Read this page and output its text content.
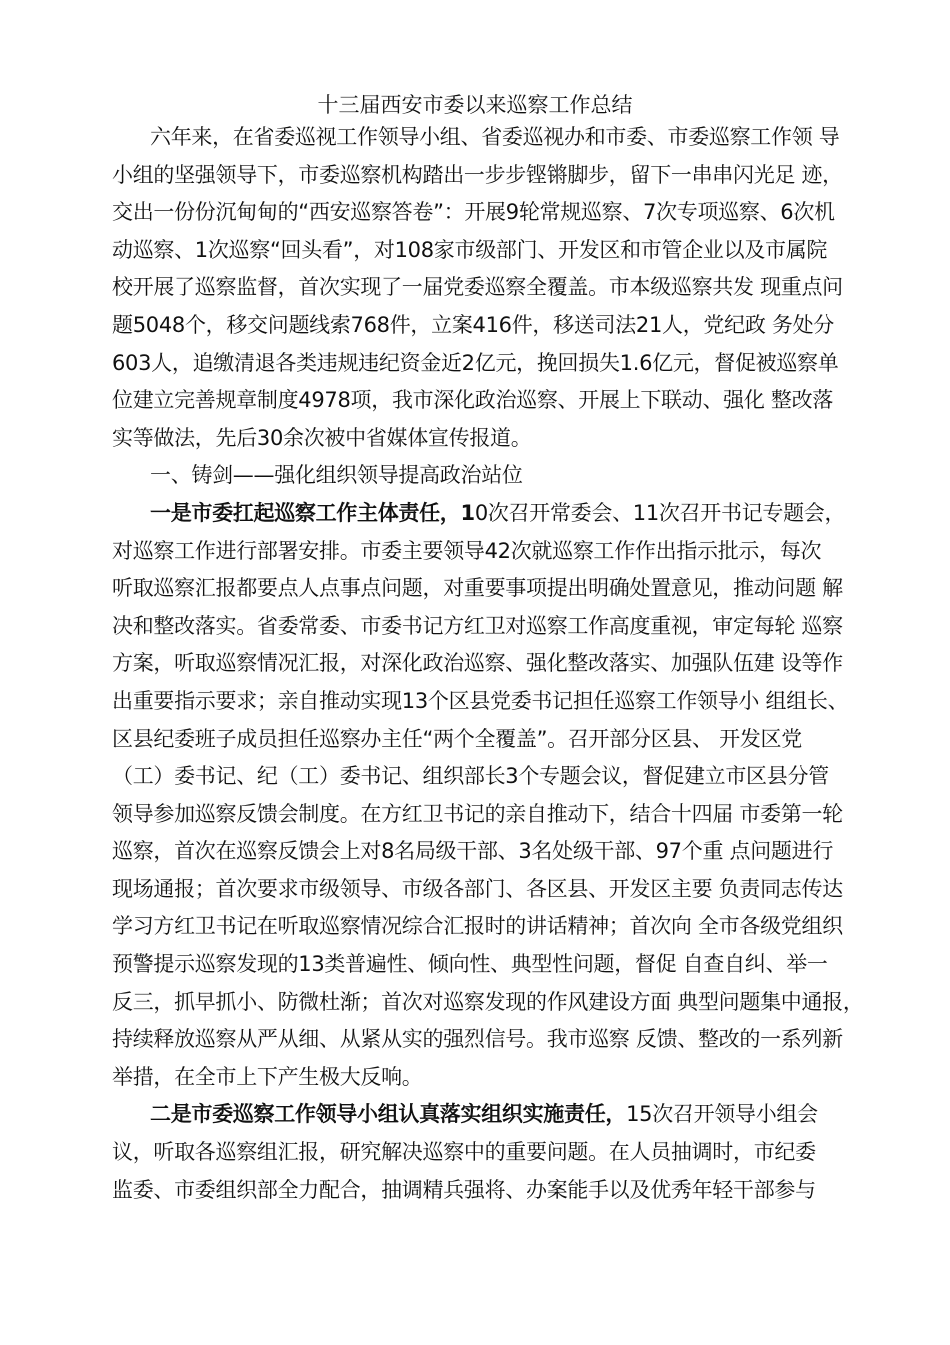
十三届西安市委以来巡察工作总结
六年来，在省委巡视工作领导小组、省委巡视办和市委、市委巡察工作领 导
小组的坚强领导下，市委巡察机构踏出一步步铿锵脚步，留下一串串闪光足 迹，
交出一份份沉甸甸的“西安巡察答卷”：开展9轮常规巡察、7次专项巡察、6次机
动巡察、1次巡察“回头看”，对108家市级部门、开发区和市管企业以及市属院
校开展了巡察监督，首次实现了一届党委巡察全覆盖。市本级巡察共发 现重点问
题5048个，移交问题线索768件，立案416件，移送司法21人，党纪政 务处分
603人，追缴清退各类违规违纪资金近2亿元，挽回损失1.6亿元，督促被巡察单
位建立完善规章制度4978项，我市深化政治巡察、开展上下联动、强化 整改落
实等做法，先后30余次被中省媒体宣传报道。
一、铸剑——强化组织领导提高政治站位
一是市委扛起巡察工作主体责任，10次召开常委会、11次召开书记专题会，
对巡察工作进行部署安排。市委主要领导42次就巡察工作作出指示批示，每次
听取巡察汇报都要点人点事点问题，对重要事项提出明确处置意见，推动问题 解
决和整改落实。省委常委、市委书记方红卫对巡察工作高度重视，审定每轮 巡察
方案，听取巡察情况汇报，对深化政治巡察、强化整改落实、加强队伍建 设等作
出重要指示要求；亲自推动实现13个区县党委书记担任巡察工作领导小 组组长、
区县纪委班子成员担任巡察办主任“两个全覆盖”。召开部分区县、 开发区党
（工）委书记、纪（工）委书记、组织部长3个专题会议，督促建立市区县分管
领导参加巡察反馈会制度。在方红卫书记的亲自推动下，结合十四届 市委第一轮
巡察，首次在巡察反馈会上对8名局级干部、3名处级干部、97个重 点问题进行
现场通报；首次要求市级领导、市级各部门、各区县、开发区主要 负责同志传达
学习方红卫书记在听取巡察情况综合汇报时的讲话精神；首次向 全市各级党组织
预警提示巡察发现的13类普遍性、倾向性、典型性问题，督促 自查自纠、举一
反三，抓早抓小、防微杜渐；首次对巡察发现的作风建设方面 典型问题集中通报，
持续释放巡察从严从细、从紧从实的强烈信号。我市巡察 反馈、整改的一系列新
举措，在全市上下产生极大反响。
二是市委巡察工作领导小组认真落实组织实施责任，15次召开领导小组会
议，听取各巡察组汇报，研究解决巡察中的重要问题。在人员抽调时，市纪委
监委、市委组织部全力配合，抽调精兵强将、办案能手以及优秀年轻干部参与
